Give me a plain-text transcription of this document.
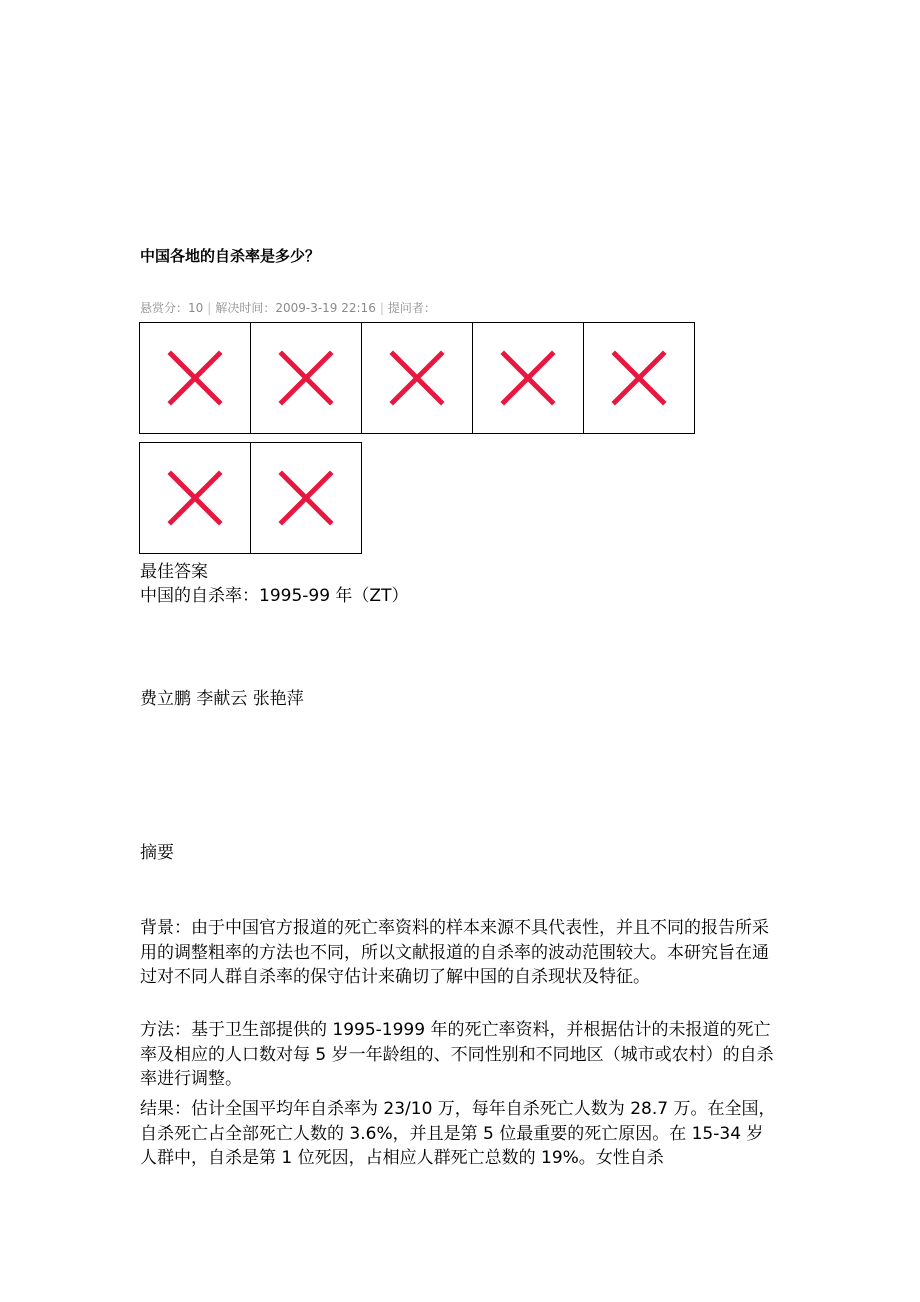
中国各地的自杀率是多少？
悬赏分：10 | 解决时间：2009-3-19 22:16 | 提问者：
最佳答案
中国的自杀率：1995-99 年（ZT）
费立鹏 李献云 张艳萍
摘要
背景：由于中国官方报道的死亡率资料的样本来源不具代表性，并且不同的报告所采用的调整粗率的方法也不同，所以文献报道的自杀率的波动范围较大。本研究旨在通过对不同人群自杀率的保守估计来确切了解中国的自杀现状及特征。
方法：基于卫生部提供的 1995-1999 年的死亡率资料，并根据估计的未报道的死亡率及相应的人口数对每 5 岁一年龄组的、不同性别和不同地区（城市或农村）的自杀率进行调整。
结果：估计全国平均年自杀率为 23/10 万，每年自杀死亡人数为 28.7 万。在全国，自杀死亡占全部死亡人数的 3.6%，并且是第 5 位最重要的死亡原因。在 15-34 岁人群中，自杀是第 1 位死因，占相应人群死亡总数的 19%。女性自杀
